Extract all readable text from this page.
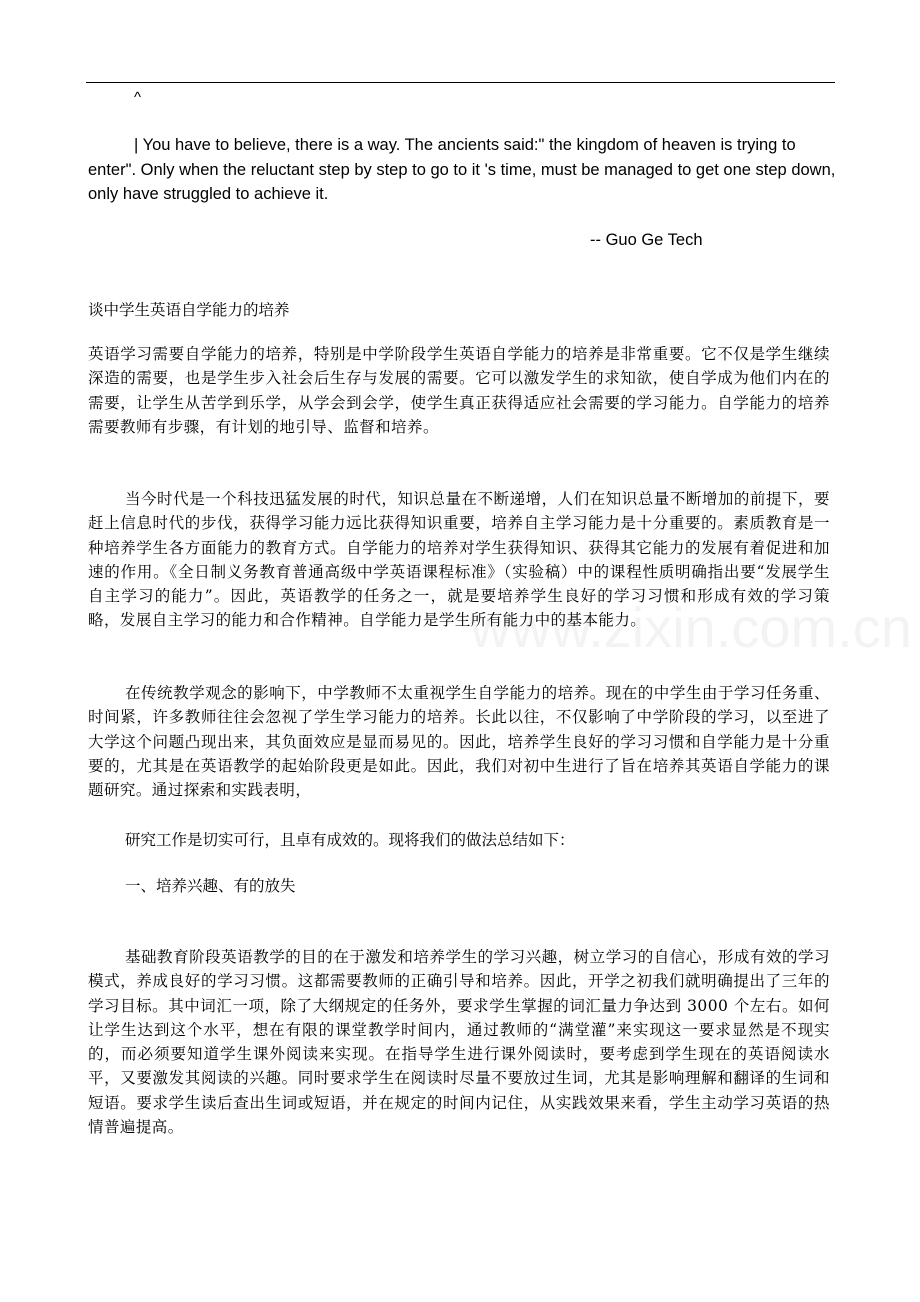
^

| You have to believe, there is a way. The ancients said:" the kingdom of heaven is trying to enter". Only when the reluctant step by step to go to it 's time, must be managed to get one step down, only have struggled to achieve it.

-- Guo Ge Tech

谈中学生英语自学能力的培养

英语学习需要自学能力的培养，特别是中学阶段学生英语自学能力的培养是非常重要。它不仅是学生继续深造的需要，也是学生步入社会后生存与发展的需要。它可以激发学生的求知欲，使自学成为他们内在的需要，让学生从苦学到乐学，从学会到会学，使学生真正获得适应社会需要的学习能力。自学能力的培养需要教师有步骤，有计划的地引导、监督和培养。

当今时代是一个科技迅猛发展的时代，知识总量在不断递增，人们在知识总量不断增加的前提下，要赶上信息时代的步伐，获得学习能力远比获得知识重要，培养自主学习能力是十分重要的。素质教育是一种培养学生各方面能力的教育方式。自学能力的培养对学生获得知识、获得其它能力的发展有着促进和加速的作用。《全日制义务教育普通高级中学英语课程标准》（实验稿）中的课程性质明确指出要“发展学生自主学习的能力”。因此，英语教学的任务之一，就是要培养学生良好的学习习惯和形成有效的学习策略，发展自主学习的能力和合作精神。自学能力是学生所有能力中的基本能力。

在传统教学观念的影响下，中学教师不太重视学生自学能力的培养。现在的中学生由于学习任务重、时间紧，许多教师往往会忽视了学生学习能力的培养。长此以往，不仅影响了中学阶段的学习，以至进了大学这个问题凸现出来，其负面效应是显而易见的。因此，培养学生良好的学习习惯和自学能力是十分重要的，尤其是在英语教学的起始阶段更是如此。因此，我们对初中生进行了旨在培养其英语自学能力的课题研究。通过探索和实践表明，

研究工作是切实可行，且卓有成效的。现将我们的做法总结如下：

一、培养兴趣、有的放失

基础教育阶段英语教学的目的在于激发和培养学生的学习兴趣，树立学习的自信心，形成有效的学习模式，养成良好的学习习惯。这都需要教师的正确引导和培养。因此，开学之初我们就明确提出了三年的学习目标。其中词汇一项，除了大纲规定的任务外，要求学生掌握的词汇量力争达到 3000 个左右。如何让学生达到这个水平，想在有限的课堂教学时间内，通过教师的“满堂灌”来实现这一要求显然是不现实的，而必须要知道学生课外阅读来实现。在指导学生进行课外阅读时，要考虑到学生现在的英语阅读水平，又要激发其阅读的兴趣。同时要求学生在阅读时尽量不要放过生词，尤其是影响理解和翻译的生词和短语。要求学生读后查出生词或短语，并在规定的时间内记住，从实践效果来看，学生主动学习英语的热情普遍提高。
